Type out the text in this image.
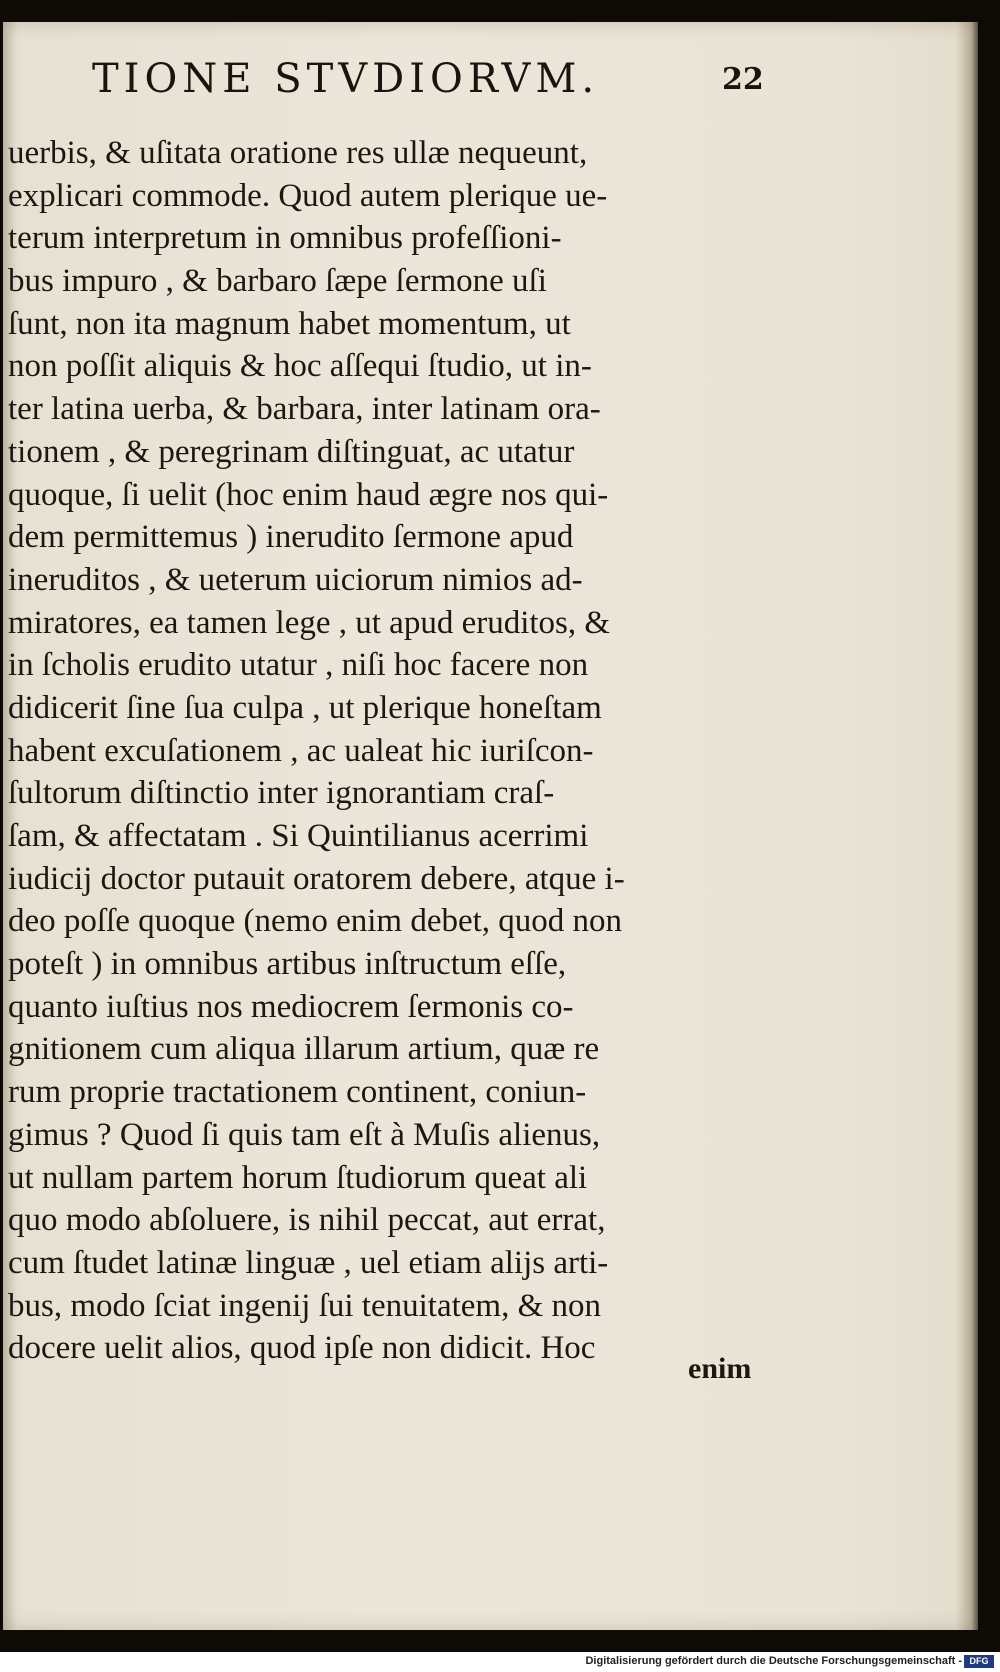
TIONE STVDIORVM.	22
uerbis, & uſitata oratione res ullæ nequeunt,
explicari commode. Quod autem plerique ue-
terum interpretum in omnibus profeſſioni-
bus impuro , & barbaro ſæpe ſermone uſi
ſunt, non ita magnum habet momentum, ut
non poſſit aliquis & hoc aſſequi ſtudio, ut in-
ter latina uerba, & barbara, inter latinam ora-
tionem , & peregrinam diſtinguat, ac utatur
quoque, ſi uelit (hoc enim haud ægre nos qui-
dem permittemus ) inerudito ſermone apud
ineruditos , & ueterum uiciorum nimios ad-
miratores, ea tamen lege , ut apud eruditos, &
in ſcholis erudito utatur , niſi hoc facere non
didicerit ſine ſua culpa , ut plerique honeſtam
habent excuſationem , ac ualeat hic iuriſcon-
ſultorum diſtinctio inter ignorantiam craſ-
ſam, & affectatam . Si Quintilianus acerrimi
iudicij doctor putauit oratorem debere, atque i-
deo poſſe quoque (nemo enim debet, quod non
poteſt ) in omnibus artibus inſtructum eſſe,
quanto iuſtius nos mediocrem ſermonis co-
gnitionem cum aliqua illarum artium, quæ re
rum proprie tractationem continent, coniun-
gimus ? Quod ſi quis tam eſt à Muſis alienus,
ut nullam partem horum ſtudiorum queat ali
quo modo abſoluere, is nihil peccat, aut errat,
cum ſtudet latinæ linguæ , uel etiam alijs arti-
bus, modo ſciat ingenij ſui tenuitatem, & non
docere uelit alios, quod ipſe non didicit. Hoc
enim
Digitalisierung gefördert durch die Deutsche Forschungsgemeinschaft - DFG
